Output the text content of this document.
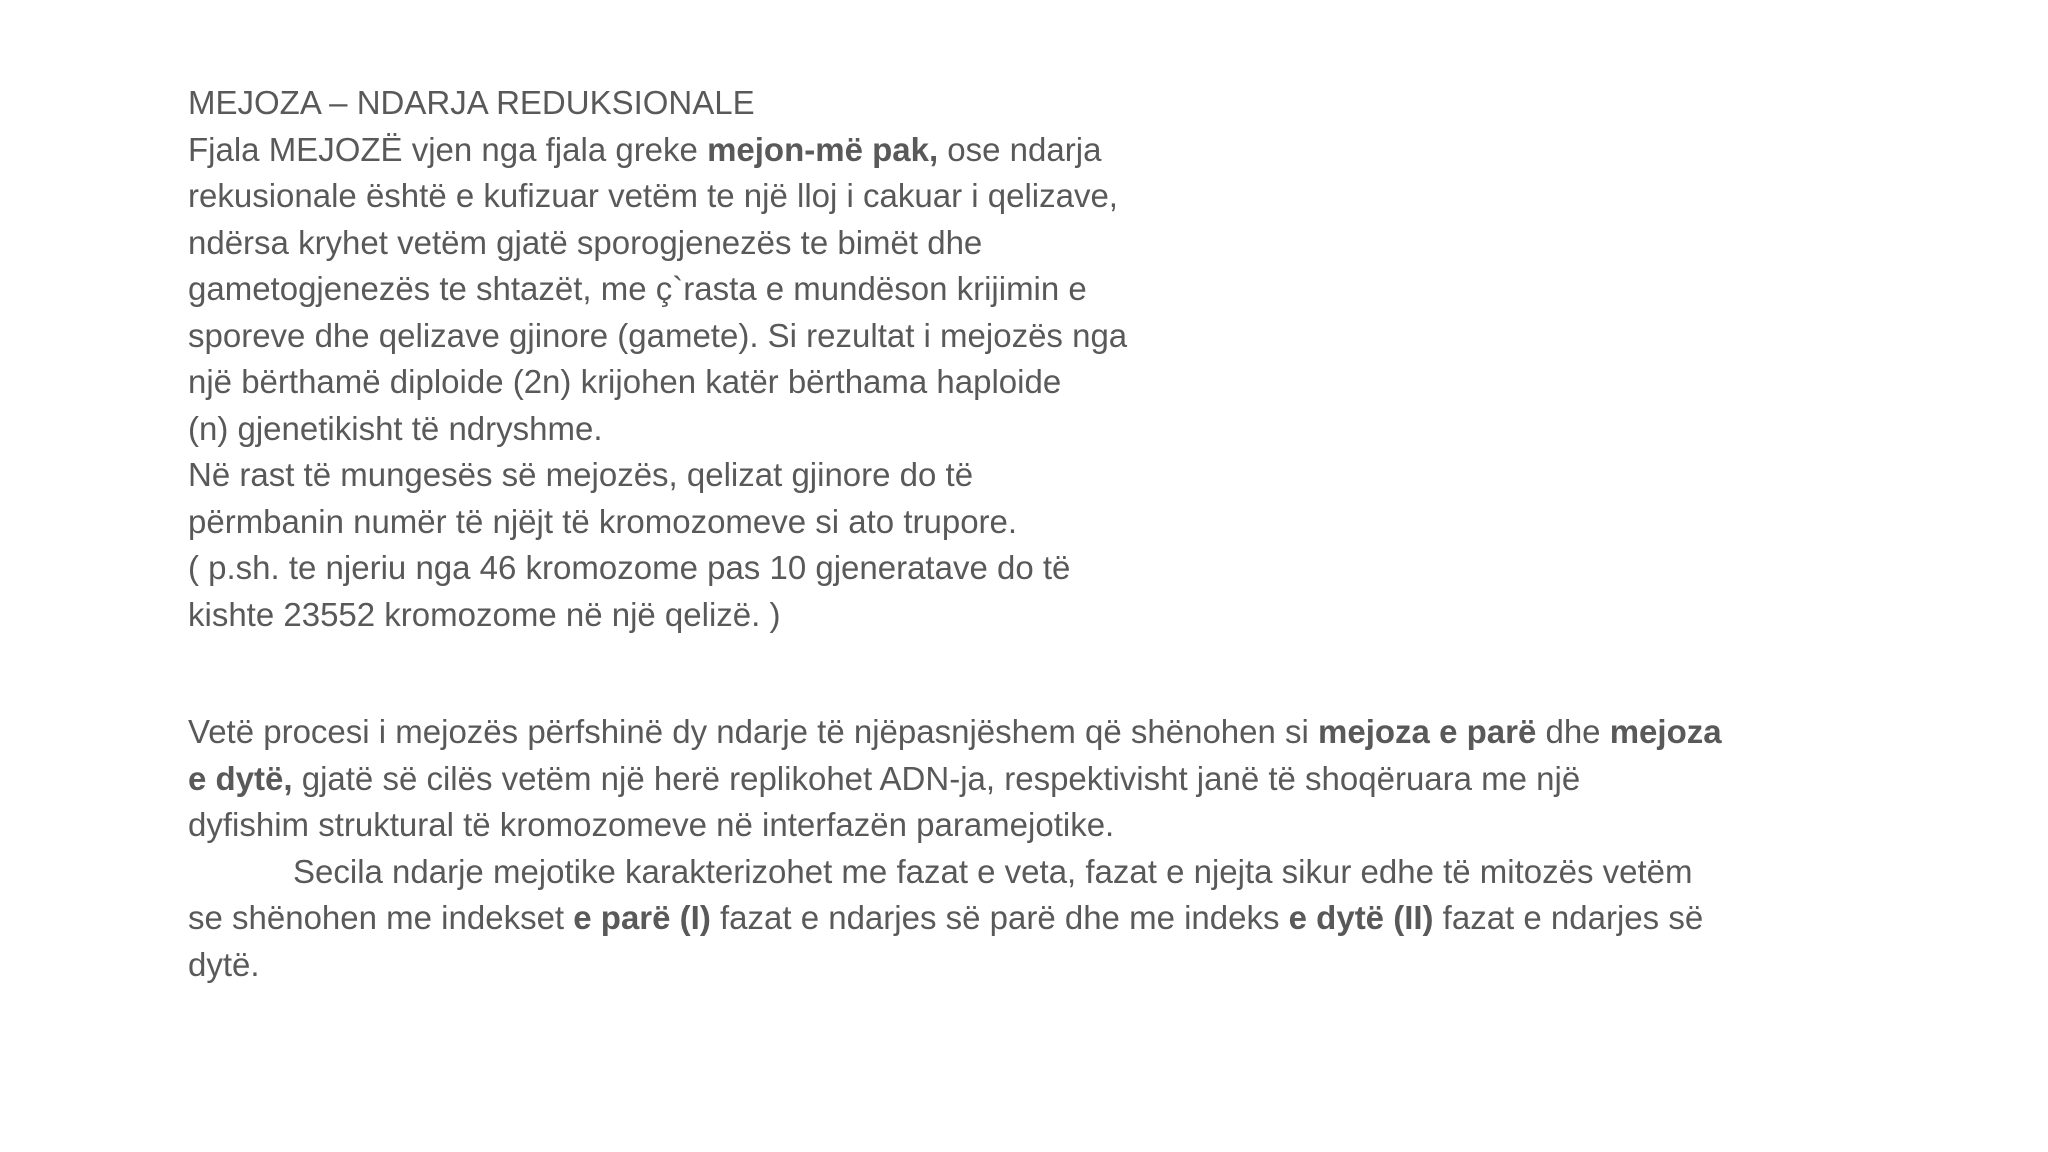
MEJOZA – NDARJA REDUKSIONALE
Fjala MEJOZË vjen nga fjala greke mejon-më pak, ose ndarja
rekusionale është e kufizuar vetëm te një lloj i cakuar i qelizave,
ndërsa kryhet vetëm gjatë sporogjenezës te bimët dhe
gametogjenezës te shtazët, me ç`rasta e mundëson krijimin e
sporeve dhe qelizave gjinore (gamete). Si rezultat i mejozës nga
një bërthamë diploide (2n) krijohen katër bërthama haploide
(n) gjenetikisht të ndryshme.
Në rast të mungesës së mejozës, qelizat gjinore do të
përmbanin numër të njëjt të kromozomeve si ato trupore.
( p.sh. te njeriu nga 46 kromozome pas 10 gjeneratave do të
kishte 23552 kromozome në një qelizë. )
Vetë procesi i mejozës përfshinë dy ndarje të njëpasnjëshem që shënohen si mejoza e parë dhe mejoza
e dytë, gjatë së cilës vetëm një herë replikohet ADN-ja, respektivisht janë të shoqëruara me një
dyfishim struktural të kromozomeve në interfazën paramejotike.
Secila ndarje mejotike karakterizohet me fazat e veta, fazat e njejta sikur edhe të mitozës vetëm
se shënohen me indekset e parë (I) fazat e ndarjes së parë dhe me indeks e dytë (II) fazat e ndarjes së
dytë.
